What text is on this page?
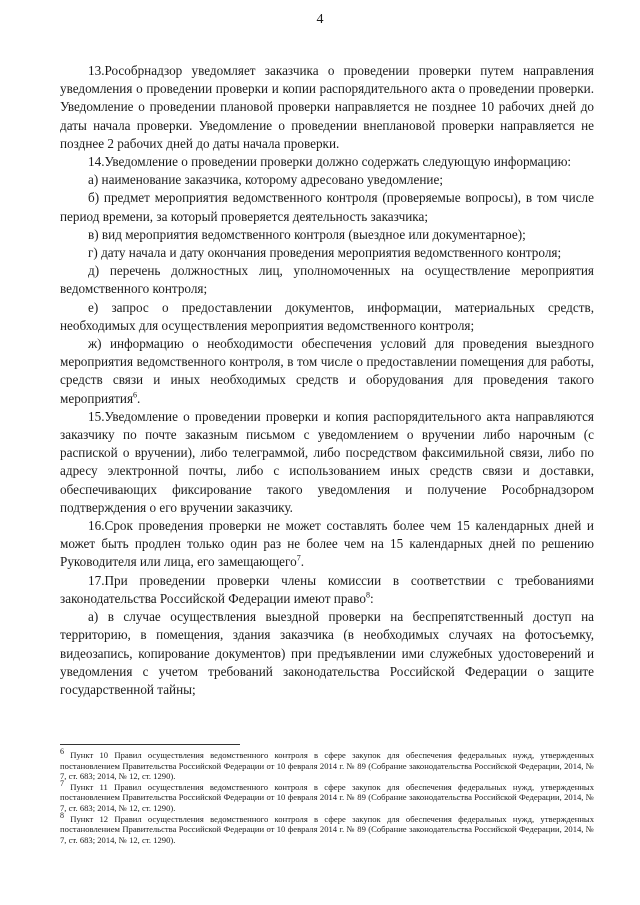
4

13.Рособрнадзор уведомляет заказчика о проведении проверки путем направления уведомления о проведении проверки и копии распорядительного акта о проведении проверки. Уведомление о проведении плановой проверки направляется не позднее 10 рабочих дней до даты начала проверки. Уведомление о проведении внеплановой проверки направляется не позднее 2 рабочих дней до даты начала проверки.

14.Уведомление о проведении проверки должно содержать следующую информацию:

а) наименование заказчика, которому адресовано уведомление;

б) предмет мероприятия ведомственного контроля (проверяемые вопросы), в том числе период времени, за который проверяется деятельность заказчика;

в) вид мероприятия ведомственного контроля (выездное или документарное);

г) дату начала и дату окончания проведения мероприятия ведомственного контроля;

д) перечень должностных лиц, уполномоченных на осуществление мероприятия ведомственного контроля;

е) запрос о предоставлении документов, информации, материальных средств, необходимых для осуществления мероприятия ведомственного контроля;

ж) информацию о необходимости обеспечения условий для проведения выездного мероприятия ведомственного контроля, в том числе о предоставлении помещения для работы, средств связи и иных необходимых средств и оборудования для проведения такого мероприятия$^6$.

15.Уведомление о проведении проверки и копия распорядительного акта направляются заказчику по почте заказным письмом с уведомлением о вручении либо нарочным (с распиской о вручении), либо телеграммой, либо посредством факсимильной связи, либо по адресу электронной почты, либо с использованием иных средств связи и доставки, обеспечивающих фиксирование такого уведомления и получение Рособрнадзором подтверждения о его вручении заказчику.

16.Срок проведения проверки не может составлять более чем 15 календарных дней и может быть продлен только один раз не более чем на 15 календарных дней по решению Руководителя или лица, его замещающего$^7$.

17.При проведении проверки члены комиссии в соответствии с требованиями законодательства Российской Федерации имеют право$^8$:

а) в случае осуществления выездной проверки на беспрепятственный доступ на территорию, в помещения, здания заказчика (в необходимых случаях на фотосъемку, видеозапись, копирование документов) при предъявлении ими служебных удостоверений и уведомления с учетом требований законодательства Российской Федерации о защите государственной тайны;

$^6$ Пункт 10 Правил осуществления ведомственного контроля в сфере закупок для обеспечения федеральных нужд, утвержденных постановлением Правительства Российской Федерации от 10 февраля 2014 г. № 89 (Собрание законодательства Российской Федерации, 2014, № 7, ст. 683; 2014, № 12, ст. 1290).

$^7$ Пункт 11 Правил осуществления ведомственного контроля в сфере закупок для обеспечения федеральных нужд, утвержденных постановлением Правительства Российской Федерации от 10 февраля 2014 г. № 89 (Собрание законодательства Российской Федерации, 2014, № 7, ст. 683; 2014, № 12, ст. 1290).

$^8$ Пункт 12 Правил осуществления ведомственного контроля в сфере закупок для обеспечения федеральных нужд, утвержденных постановлением Правительства Российской Федерации от 10 февраля 2014 г. № 89 (Собрание законодательства Российской Федерации, 2014, № 7, ст. 683; 2014, № 12, ст. 1290).
